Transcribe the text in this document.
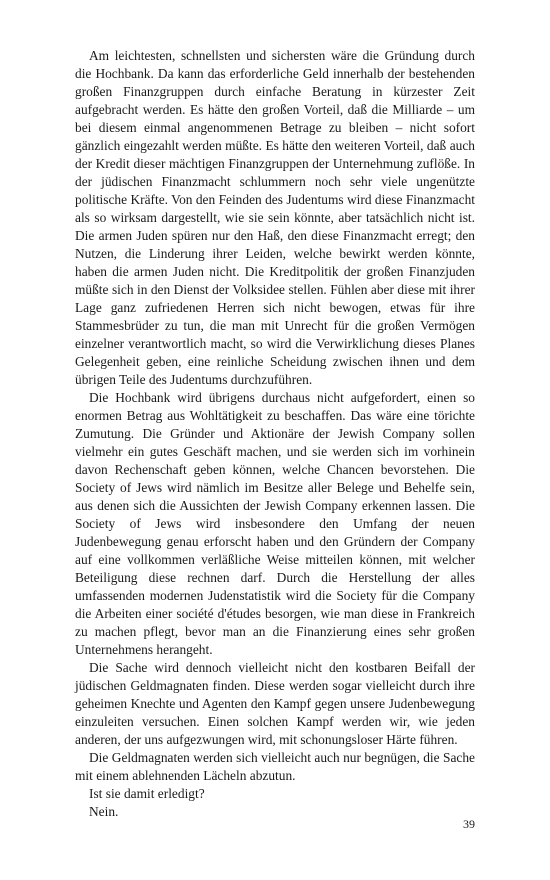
Am leichtesten, schnellsten und sichersten wäre die Gründung durch die Hochbank. Da kann das erforderliche Geld innerhalb der bestehenden großen Finanzgruppen durch einfache Beratung in kürzester Zeit aufgebracht werden. Es hätte den großen Vorteil, daß die Milliarde – um bei diesem einmal angenommenen Betrage zu bleiben – nicht sofort gänzlich eingezahlt werden müßte. Es hätte den weiteren Vorteil, daß auch der Kredit dieser mächtigen Finanzgruppen der Unternehmung zuflöße. In der jüdischen Finanzmacht schlummern noch sehr viele ungenützte politische Kräfte. Von den Feinden des Judentums wird diese Finanzmacht als so wirksam dargestellt, wie sie sein könnte, aber tatsächlich nicht ist. Die armen Juden spüren nur den Haß, den diese Finanzmacht erregt; den Nutzen, die Linderung ihrer Leiden, welche bewirkt werden könnte, haben die armen Juden nicht. Die Kreditpolitik der großen Finanzjuden müßte sich in den Dienst der Volksidee stellen. Fühlen aber diese mit ihrer Lage ganz zufriedenen Herren sich nicht bewogen, etwas für ihre Stammesbrüder zu tun, die man mit Unrecht für die großen Vermögen einzelner verantwortlich macht, so wird die Verwirklichung dieses Planes Gelegenheit geben, eine reinliche Scheidung zwischen ihnen und dem übrigen Teile des Judentums durchzuführen.

Die Hochbank wird übrigens durchaus nicht aufgefordert, einen so enormen Betrag aus Wohltätigkeit zu beschaffen. Das wäre eine törichte Zumutung. Die Gründer und Aktionäre der Jewish Company sollen vielmehr ein gutes Geschäft machen, und sie werden sich im vorhinein davon Rechenschaft geben können, welche Chancen bevorstehen. Die Society of Jews wird nämlich im Besitze aller Belege und Behelfe sein, aus denen sich die Aussichten der Jewish Company erkennen lassen. Die Society of Jews wird insbesondere den Umfang der neuen Judenbewegung genau erforscht haben und den Gründern der Company auf eine vollkommen verläßliche Weise mitteilen können, mit welcher Beteiligung diese rechnen darf. Durch die Herstellung der alles umfassenden modernen Judenstatistik wird die Society für die Company die Arbeiten einer société d'études besorgen, wie man diese in Frankreich zu machen pflegt, bevor man an die Finanzierung eines sehr großen Unternehmens herangeht.

Die Sache wird dennoch vielleicht nicht den kostbaren Beifall der jüdischen Geldmagnaten finden. Diese werden sogar vielleicht durch ihre geheimen Knechte und Agenten den Kampf gegen unsere Judenbewegung einzuleiten versuchen. Einen solchen Kampf werden wir, wie jeden anderen, der uns aufgezwungen wird, mit schonungsloser Härte führen.

Die Geldmagnaten werden sich vielleicht auch nur begnügen, die Sache mit einem ablehnenden Lächeln abzutun.

Ist sie damit erledigt?

Nein.

39
